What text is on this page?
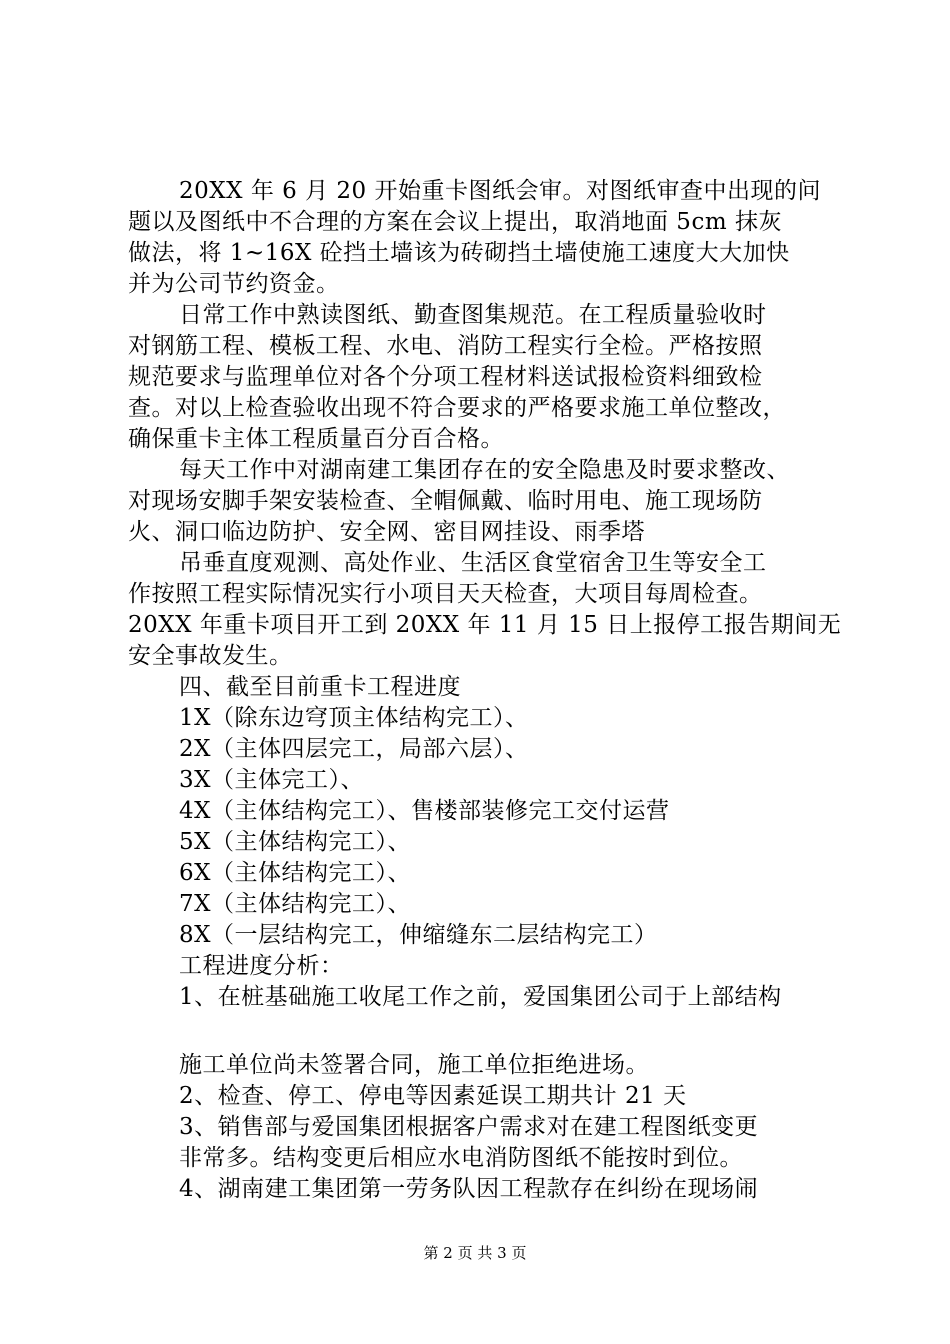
20XX 年 6 月 20 开始重卡图纸会审。对图纸审查中出现的问
题以及图纸中不合理的方案在会议上提出，取消地面 5cm 抹灰
做法，将 1~16X 砼挡土墙该为砖砌挡土墙使施工速度大大加快
并为公司节约资金。
日常工作中熟读图纸、勤查图集规范。在工程质量验收时
对钢筋工程、模板工程、水电、消防工程实行全检。严格按照
规范要求与监理单位对各个分项工程材料送试报检资料细致检
查。对以上检查验收出现不符合要求的严格要求施工单位整改，
确保重卡主体工程质量百分百合格。
每天工作中对湖南建工集团存在的安全隐患及时要求整改、
对现场安脚手架安装检查、全帽佩戴、临时用电、施工现场防
火、洞口临边防护、安全网、密目网挂设、雨季塔
吊垂直度观测、高处作业、生活区食堂宿舍卫生等安全工
作按照工程实际情况实行小项目天天检查，大项目每周检查。
20XX 年重卡项目开工到 20XX 年 11 月 15 日上报停工报告期间无
安全事故发生。
四、截至目前重卡工程进度
1X（除东边穹顶主体结构完工）、
2X（主体四层完工，局部六层）、
3X（主体完工）、
4X（主体结构完工）、售楼部装修完工交付运营
5X（主体结构完工）、
6X（主体结构完工）、
7X（主体结构完工）、
8X（一层结构完工，伸缩缝东二层结构完工）
工程进度分析：
1、在桩基础施工收尾工作之前，爱国集团公司于上部结构
施工单位尚未签署合同，施工单位拒绝进场。
2、检查、停工、停电等因素延误工期共计 21 天
3、销售部与爱国集团根据客户需求对在建工程图纸变更
非常多。结构变更后相应水电消防图纸不能按时到位。
4、湖南建工集团第一劳务队因工程款存在纠纷在现场闹
第 2 页 共 3 页
